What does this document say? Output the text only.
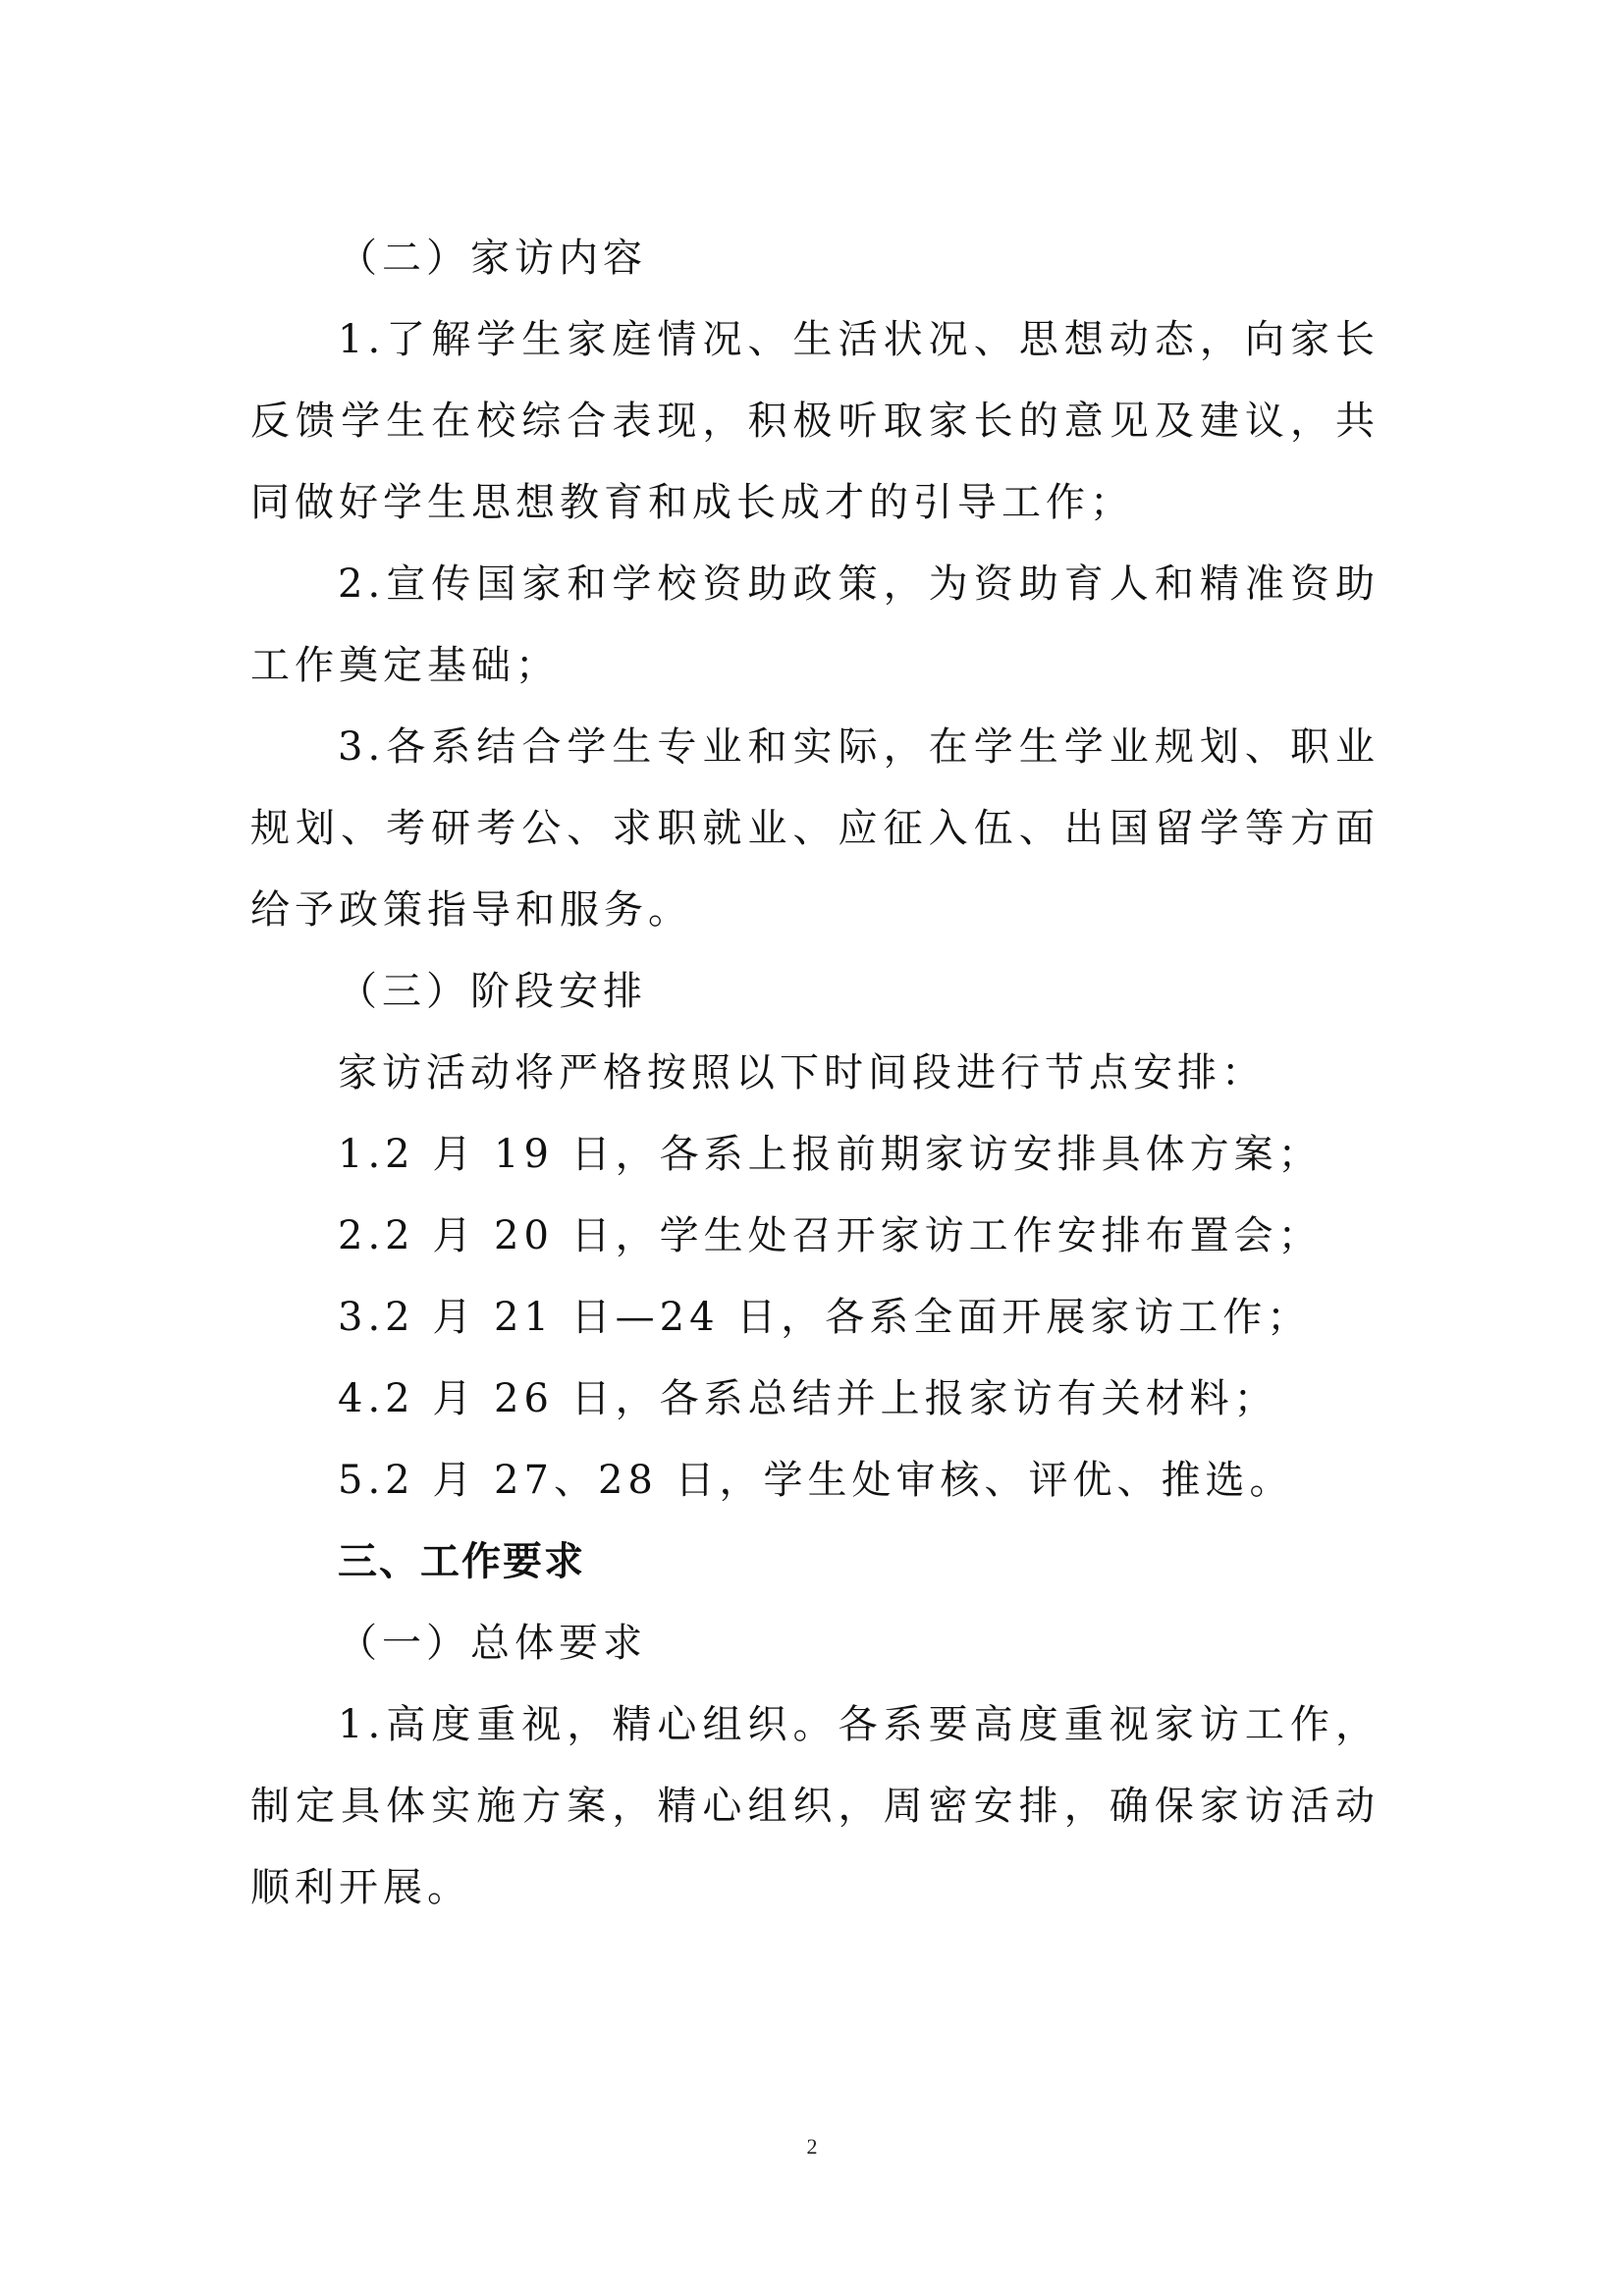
（二）家访内容

1.了解学生家庭情况、生活状况、思想动态，向家长反馈学生在校综合表现，积极听取家长的意见及建议，共同做好学生思想教育和成长成才的引导工作；

2.宣传国家和学校资助政策，为资助育人和精准资助工作奠定基础；

3.各系结合学生专业和实际，在学生学业规划、职业规划、考研考公、求职就业、应征入伍、出国留学等方面给予政策指导和服务。

（三）阶段安排

家访活动将严格按照以下时间段进行节点安排：

1.2 月 19 日，各系上报前期家访安排具体方案；

2.2 月 20 日，学生处召开家访工作安排布置会；

3.2 月 21 日—24 日，各系全面开展家访工作；

4.2 月 26 日，各系总结并上报家访有关材料；

5.2 月 27、28 日，学生处审核、评优、推选。

三、工作要求

（一）总体要求

1.高度重视，精心组织。各系要高度重视家访工作，制定具体实施方案，精心组织，周密安排，确保家访活动顺利开展。

2
